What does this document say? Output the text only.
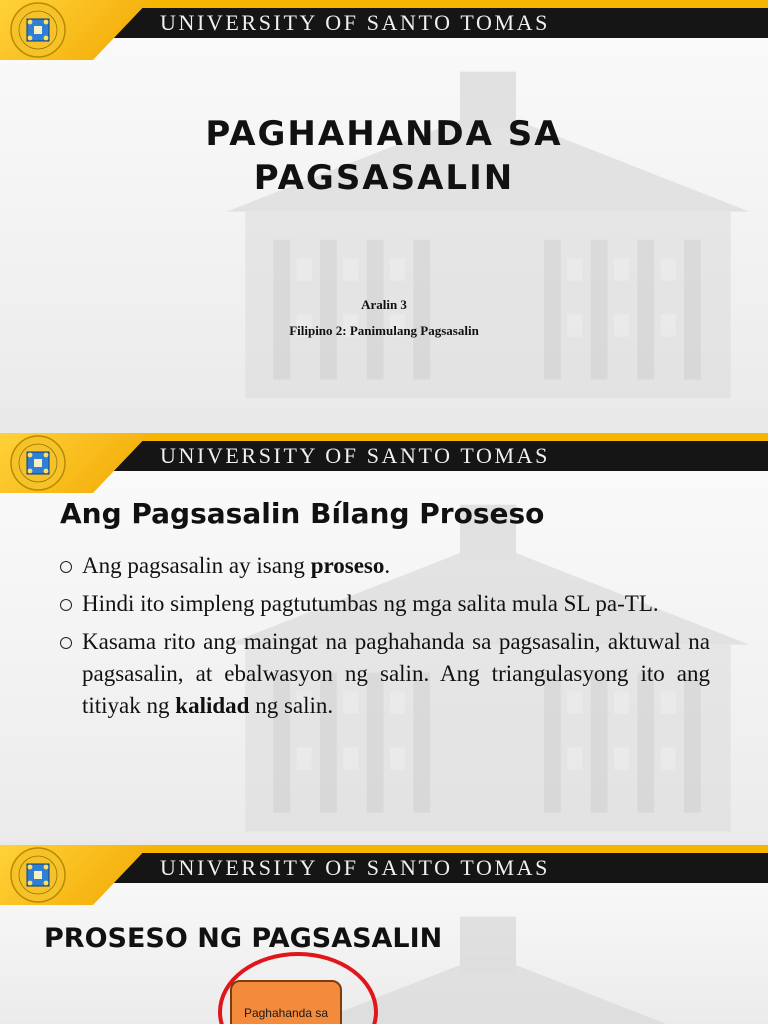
UNIVERSITY OF SANTO TOMAS
PAGHAHANDA SA
PAGSASALIN
Aralin 3
Filipino 2: Panimulang Pagsasalin
UNIVERSITY OF SANTO TOMAS
Ang Pagsasalin Bílang Proseso
Ang pagsasalin ay isang proseso.
Hindi ito simpleng pagtutumbas ng mga salita mula SL pa-TL.
Kasama rito ang maingat na paghahanda sa pagsasalin, aktuwal na pagsasalin, at ebalwasyon ng salin. Ang triangulasyong ito ang titiyak ng kalidad ng salin.
UNIVERSITY OF SANTO TOMAS
PROSESO NG PAGSASALIN
Paghahanda sa
